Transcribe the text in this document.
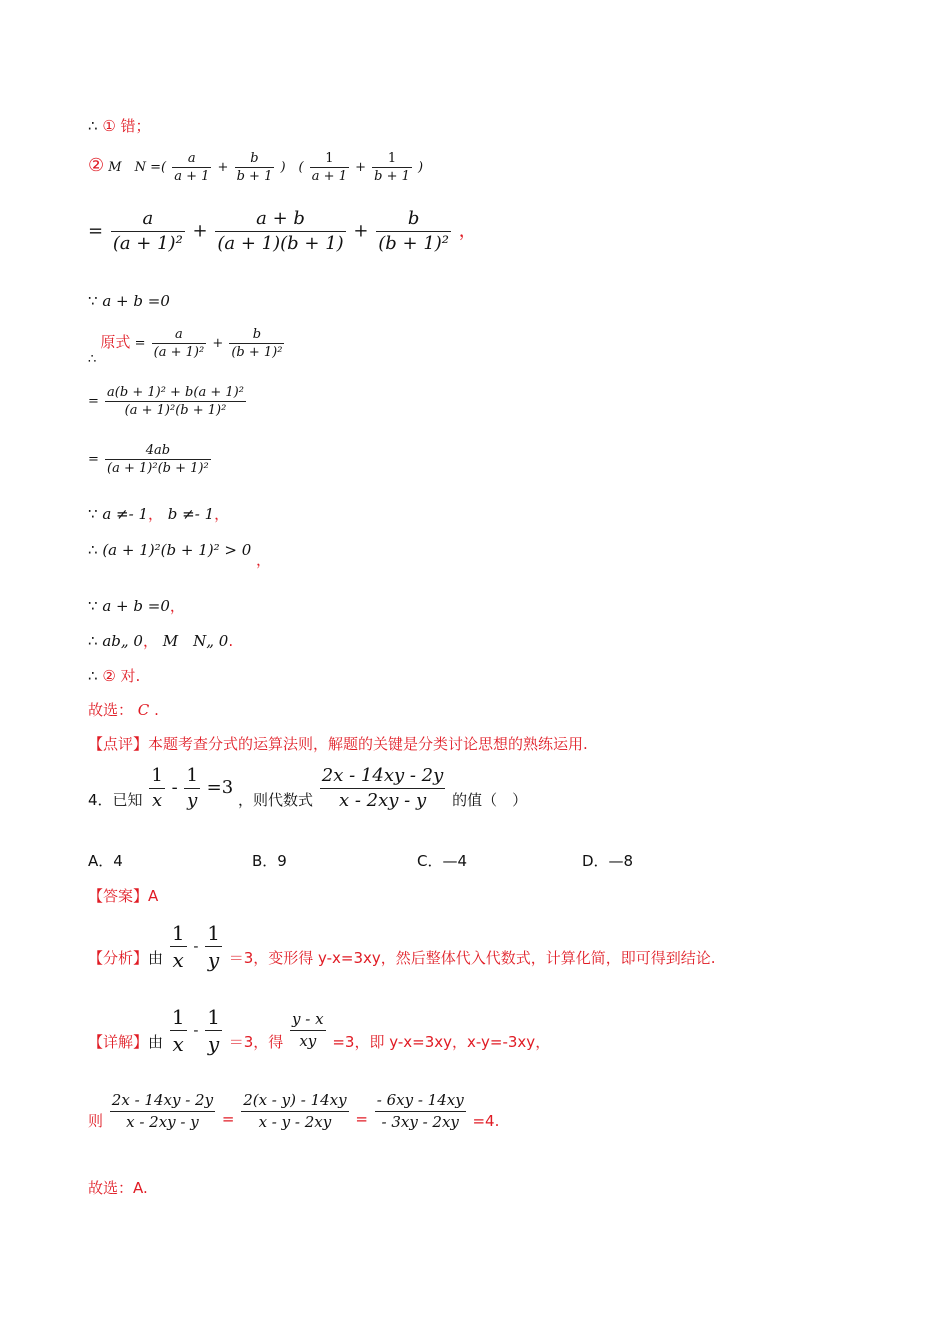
∴ ① 错；
② M N =( $\frac{a}{a + 1} + \frac{b}{b + 1}$ ) ( $\frac{1}{a + 1} + \frac{1}{b + 1}$ )
= $\frac{a}{\text{(a + 1)²}} + \frac{a + b}{(a + 1)(b + 1)} + \frac{b}{\text{(b + 1)²}}$ ，
∵ a + b =0
∴ 原式 = $\frac{a}{\text{(a + 1)²}} + \frac{b}{\text{(b + 1)²}}$
= $\frac{\text{a(b + 1)² + b(a + 1)²}}{\text{(a + 1)²(b + 1)²}}$
= $\frac{4ab}{\text{(a + 1)²(b + 1)²}}$
∵ a ≠- 1， b ≠- 1，
∴ (a + 1)²(b + 1)² > 0 ，
∵ a + b =0，
∴ ab„ 0， M N„ 0.
∴ ② 对.
故选： C .
【点评】本题考查分式的运算法则，解题的关键是分类讨论思想的熟练运用.
4．已知 $\frac{1}{x} - \frac{1}{y} =3$ ，则代数式 $\frac{2x - 14xy - 2y}{x - 2xy - y}$ 的值（　）
A．4	B．9	C．—4	D．—8
【答案】A
【分析】由 $\frac{1}{x} - \frac{1}{y} =3$，变形得 y-x=3xy，然后整体代入代数式，计算化简，即可得到结论.
【详解】由 $\frac{1}{x} - \frac{1}{y} =3$，得 $\frac{y - x}{xy} =3$，即 y-x=3xy，x-y=-3xy，
则 $\frac{2x - 14xy - 2y}{x - 2xy - y} = \frac{2(x - y) - 14xy}{x - y - 2xy} = \frac{- 6xy - 14xy}{- 3xy - 2xy} =4$.
故选：A.
